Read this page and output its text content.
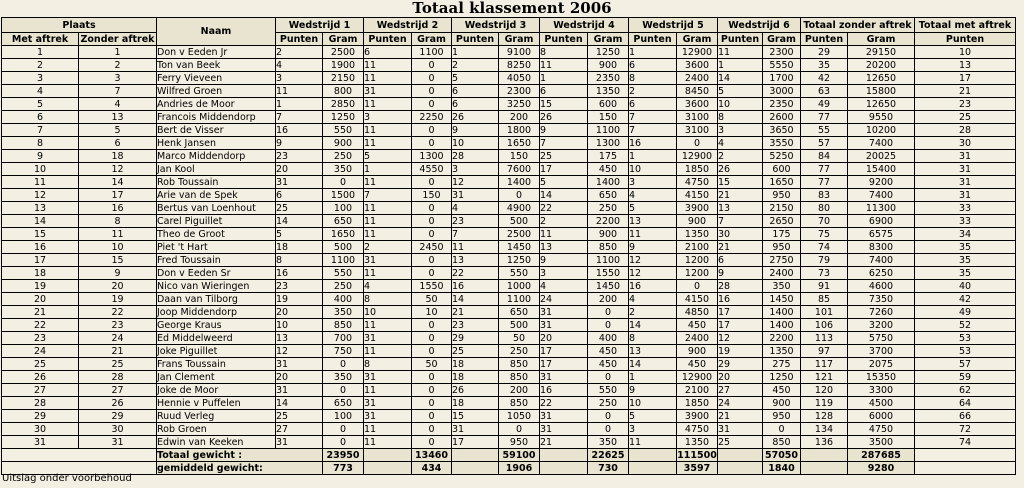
Totaal klassement 2006
Plaats		Naam	Wedstrijd 1		Wedstrijd 2		Wedstrijd 3		Wedstrijd 4		Wedstrijd 5		Wedstrijd 6		Totaal zonder aftrek		Totaal met aftrek
Met aftrek	Zonder aftrek		Punten	Gram	Punten	Gram	Punten	Gram	Punten	Gram	Punten	Gram	Punten	Gram	Punten	Gram	Punten
1	1	Don v Eeden Jr	2	2500	6	1100	1	9100	8	1250	1	12900	11	2300	29	29150	10
2	2	Ton van Beek	4	1900	11	0	2	8250	11	900	6	3600	1	5550	35	20200	13
3	3	Ferry Vieveen	3	2150	11	0	5	4050	1	2350	8	2400	14	1700	42	12650	17
4	7	Wilfred Groen	11	800	31	0	6	2300	6	1350	2	8450	5	3000	63	15800	21
5	4	Andries de Moor	1	2850	11	0	6	3250	15	600	6	3600	10	2350	49	12650	23
6	13	Francois Middendorp	7	1250	3	2250	26	200	26	150	7	3100	8	2600	77	9550	25
7	5	Bert de Visser	16	550	11	0	9	1800	9	1100	7	3100	3	3650	55	10200	28
8	6	Henk Jansen	9	900	11	0	10	1650	7	1300	16	0	4	3550	57	7400	30
9	18	Marco Middendorp	23	250	5	1300	28	150	25	175	1	12900	2	5250	84	20025	31
10	12	Jan Kool	20	350	1	4550	3	7600	17	450	10	1850	26	600	77	15400	31
11	14	Rob Toussain	31	0	11	0	12	1400	5	1400	3	4750	15	1650	77	9200	31
12	17	Arie van de Spek	6	1500	7	150	31	0	14	650	4	4150	21	950	83	7400	31
13	16	Bertus van Loenhout	25	100	11	0	4	4900	22	250	5	3900	13	2150	80	11300	33
14	8	Carel Piguillet	14	650	11	0	23	500	2	2200	13	900	7	2650	70	6900	33
15	11	Theo de Groot	5	1650	11	0	7	2500	11	900	11	1350	30	175	75	6575	34
16	10	Piet 't Hart	18	500	2	2450	11	1450	13	850	9	2100	21	950	74	8300	35
17	15	Fred Toussain	8	1100	31	0	13	1250	9	1100	12	1200	6	2750	79	7400	35
18	9	Don v Eeden Sr	16	550	11	0	22	550	3	1550	12	1200	9	2400	73	6250	35
19	20	Nico van Wieringen	23	250	4	1550	16	1000	4	1450	16	0	28	350	91	4600	40
20	19	Daan van Tilborg	19	400	8	50	14	1100	24	200	4	4150	16	1450	85	7350	42
21	22	Joop Middendorp	20	350	10	10	21	650	31	0	2	4850	17	1400	101	7260	49
22	23	George Kraus	10	850	11	0	23	500	31	0	14	450	17	1400	106	3200	52
23	24	Ed Middelweerd	13	700	31	0	29	50	20	400	8	2400	12	2200	113	5750	53
24	21	Joke Piguillet	12	750	11	0	25	250	17	450	13	900	19	1350	97	3700	53
25	25	Frans Toussain	31	0	8	50	18	850	17	450	14	450	29	275	117	2075	57
26	28	Jan Clement	20	350	31	0	18	850	31	0	1	12900	20	1250	121	15350	59
27	27	Joke de Moor	31	0	11	0	26	200	16	550	9	2100	27	450	120	3300	62
28	26	Hennie v Puffelen	14	650	31	0	18	850	22	250	10	1850	24	900	119	4500	64
29	29	Ruud Verleg	25	100	31	0	15	1050	31	0	5	3900	21	950	128	6000	66
30	30	Rob Groen	27	0	11	0	31	0	31	0	3	4750	31	0	134	4750	72
31	31	Edwin van Keeken	31	0	11	0	17	950	21	350	11	1350	25	850	136	3500	74
		Totaal gewicht :		23950		13460		59100		22625		111500		57050		287685	
		gemiddeld gewicht:		773		434		1906		730		3597		1840		9280	
Uitslag onder voorbehoud
